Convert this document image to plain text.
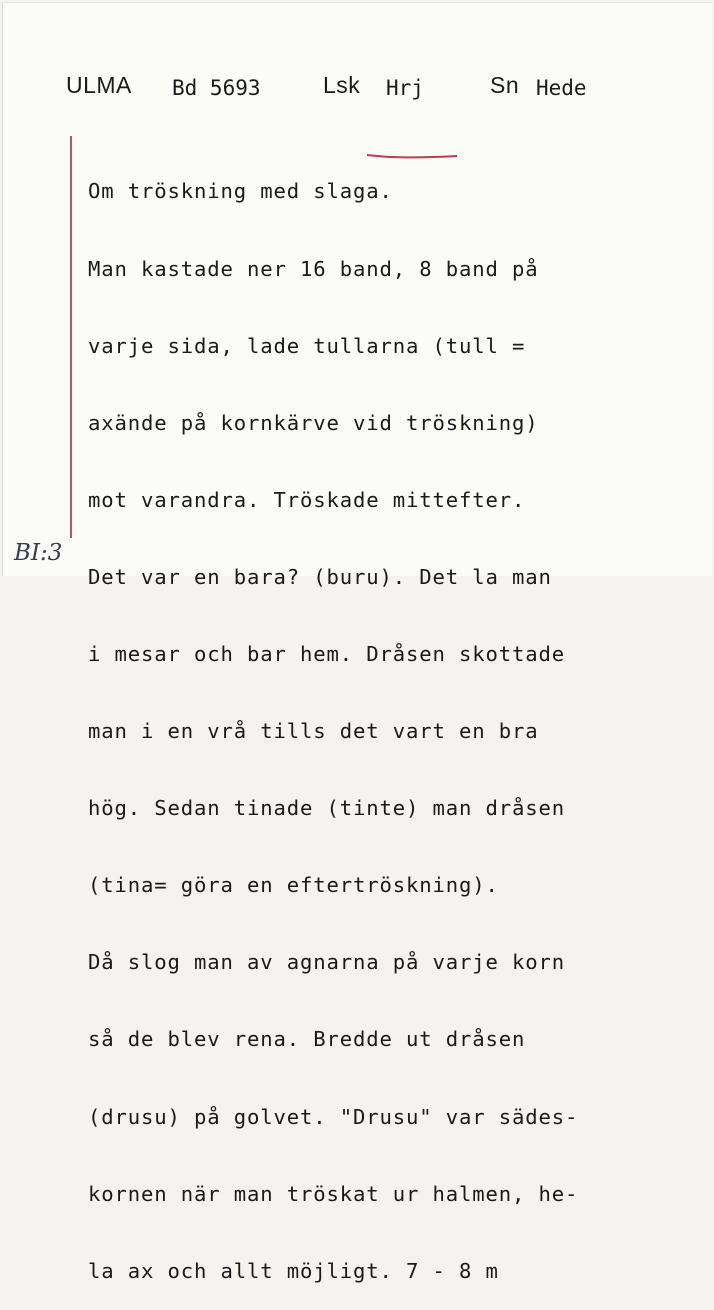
ULMA Bd 5693	Lsk Hrj	Sn Hede

Om tröskning med slaga.

Man kastade ner 16 band, 8 band på

varje sida, lade tullarna (tull =

axände på kornkärve vid tröskning)

mot varandra. Tröskade mittefter.

Det var en bara? (buru). Det la man

i mesar och bar hem. Dråsen skottade

man i en vrå tills det vart en bra

hög. Sedan tinade (tinte) man dråsen

(tina= göra en eftertröskning).

Då slog man av agnarna på varje korn

så de blev rena. Bredde ut dråsen

(drusu) på golvet. "Drusu" var sädes-

kornen när man tröskat ur halmen, he-

la ax och allt möjligt. 7 - 8 m

BI:3
